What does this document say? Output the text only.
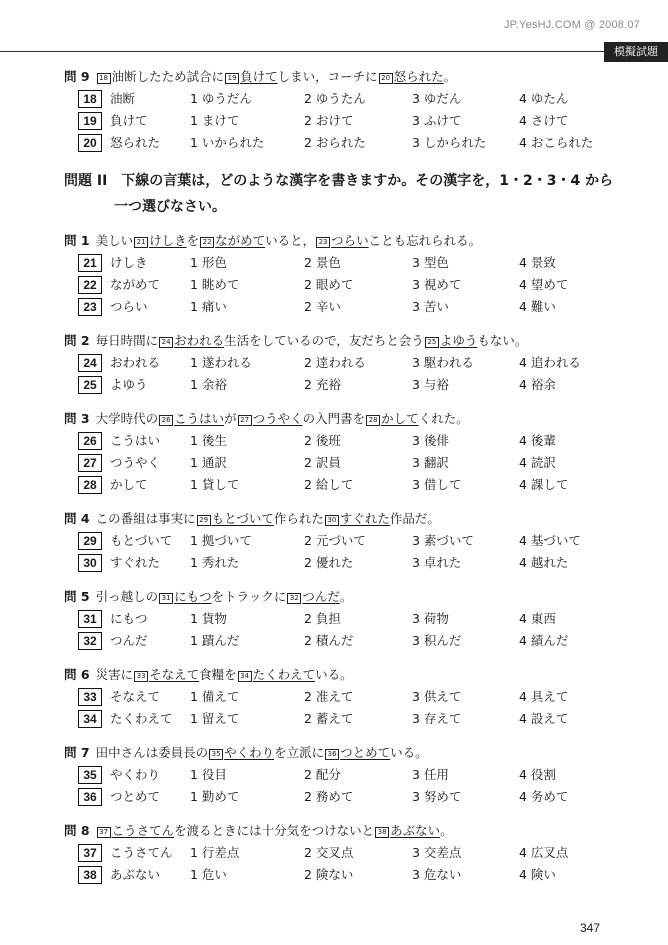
JP.YesHJ.COM @ 2008.07
模擬試題
問 9 18 油断したため試合に 19 負けてしまい，コーチに 20 怒られた。
18	油断	1 ゆうだん	2 ゆうたん	3 ゆだん	4 ゆたん
19	負けて	1 まけて	2 おけて	3 ふけて	4 さけて
20	怒られた 1 いかられた	2 おられた	3 しかられた	4 おこられた
問題 II 下線の言葉は，どのような漢字を書きますか。その漢字を，1・2・3・4 から
一つ選びなさい。
問 1 美しい 21 けしきを 22 ながめていると， 23 つらいことも忘れられる。
21	けしき	1 形色	2 景色	3 型色	4 景致
22	ながめて 1 眺めて	2 眼めて	3 視めて	4 望めて
23	つらい	1 痛い	2 辛い	3 苦い	4 難い
問 2 毎日時間に 24 おわれる生活をしているので，友だちと会う 25 よゆうもない。
24	おわれる 1 遂われる	2 逹われる	3 駆われる	4 追われる
25	よゆう	1 余裕	2 充裕	3 与裕	4 裕余
問 3 大学時代の 26 こうはいが 27 つうやくの入門書を 28 かしてくれた。
26	こうはい 1 後生	2 後班	3 後俳	4 後輩
27	つうやく 1 通訳	2 訳員	3 翻訳	4 読訳
28	かして	1 貸して	2 給して	3 借して	4 課して
問 4 この番組は事実に 29 もとづいて作られた 30 すぐれた作品だ。
29	もとづいて 1 拠づいて	2 元づいて	3 素づいて	4 基づいて
30	すぐれた 1 秀れた	2 優れた	3 卓れた	4 越れた
問 5 引っ越しの 31 にもつをトラックに 32 つんだ。
31	にもつ	1 貨物	2 負担	3 荷物	4 東西
32	つんだ	1 蹟んだ	2 積んだ	3 积んだ	4 績んだ
問 6 災害に 33 そなえて食糧を 34 たくわえている。
33	そなえて 1 備えて	2 准えて	3 供えて	4 具えて
34	たくわえて 1 留えて	2 蓄えて	3 存えて	4 設えて
問 7 田中さんは委員長の 35 やくわりを立派に 36 つとめている。
35	やくわり 1 役目	2 配分	3 任用	4 役割
36	つとめて 1 勤めて	2 務めて	3 努めて	4 务めて
問 8 37 こうさてんを渡るときには十分気をつけないと 38 あぶない。
37	こうさてん 1 行差点	2 交叉点	3 交差点	4 広叉点
38	あぶない 1 危い	2 険ない	3 危ない	4 険い
347
